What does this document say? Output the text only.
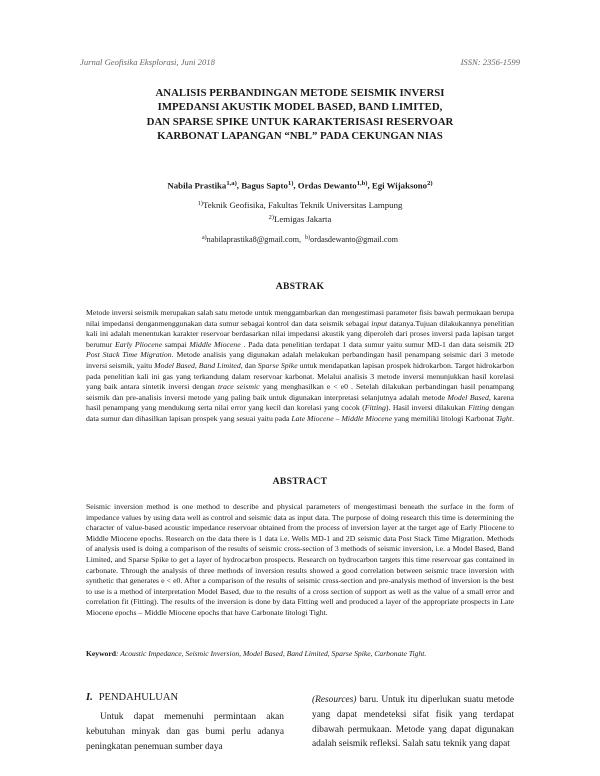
Jurnal Geofisika Eksplorasi, Juni 2018	ISSN: 2356-1599
ANALISIS PERBANDINGAN METODE SEISMIK INVERSI
IMPEDANSI AKUSTIK MODEL BASED, BAND LIMITED,
DAN SPARSE SPIKE UNTUK KARAKTERISASI RESERVOAR
KARBONAT LAPANGAN “NBL” PADA CEKUNGAN NIAS
Nabila Prastika$^{1,a)}$, Bagus Sapto$^{1)}$, Ordas Dewanto$^{1,b)}$, Egi Wijaksono$^{2)}$
$^{1)}$Teknik Geofisika, Fakultas Teknik Universitas Lampung
$^{2)}$Lemigas Jakarta
$^{a)}$nabilaprastika8@gmail.com, $^{b)}$ordasdewanto@gmail.com
ABSTRAK
Metode inversi seismik merupakan salah satu metode untuk menggambarkan dan mengestimasi parameter fisis bawah permukaan berupa nilai impedansi denganmenggunakan data sumur sebagai kontrol dan data seismik sebagai input datanya.Tujuan dilakukannya penelitian kali ini adalah menentukan karakter reservoar berdasarkan nilai impedansi akustik yang diperoleh dari proses inversi pada lapisan target berumur Early Pliocene sampai Middle Miocene . Pada data penelitian terdapat 1 data sumur yaitu sumur MD-1 dan data seismik 2D Post Stack Time Migration. Metode analisis yang digunakan adalah melakukan perbandingan hasil penampang seismic dari 3 metode inversi seismik, yaitu Model Based, Band Limited, dan Sparse Spike untuk mendapatkan lapisan prospek hidrokarbon. Target hidrokarbon pada penelitian kali ini gas yang terkandung dalam reservoar karbonat. Melalui analisis 3 metode inversi menunjukkan hasil korelasi yang baik antara sintetik inversi dengan trace seismic yang menghasilkan e < e0 . Setelah dilakukan perbandingan hasil penampang seismik dan pre-analisis inversi metode yang paling baik untuk digunakan interpretasi selanjutnya adalah metode Model Based, karena hasil penampang yang mendukung serta nilai error yang kecil dan korelasi yang cocok (Fitting). Hasil inversi dilakukan Fitting dengan data sumur dan dihasilkan lapisan prospek yang sesuai yaitu pada Late Miocene – Middle Miocene yang memiliki litologi Karbonat Tight.
ABSTRACT
Seismic inversion method is one method to describe and physical parameters of mengestimasi beneath the surface in the form of impedance values by using data well as control and seismic data as input data. The purpose of doing research this time is determining the character of value-based acoustic impedance reservoar obtained from the process of inversion layer at the target age of Early Pliocene to Middle Miocene epochs. Research on the data there is 1 data i.e. Wells MD-1 and 2D seismic data Post Stack Time Migration. Methods of analysis used is doing a comparison of the results of seismic cross-section of 3 methods of seismic inversion, i.e. a Model Based, Band Limited, and Sparse Spike to get a layer of hydrocarbon prospects. Research on hydrocarbon targets this time reservoar gas contained in carbonate. Through the analysis of three methods of inversion results showed a good correlation between seismic trace inversion with synthetic that generates e < e0. After a comparison of the results of seismic cross-section and pre-analysis method of inversion is the best to use is a method of interpretation Model Based, due to the results of a cross section of support as well as the value of a small error and correlation fit (Fitting). The results of the inversion is done by data Fitting well and produced a layer of the appropriate prospects in Late Miocene epochs – Middle Miocene epochs that have Carbonate litologi Tight.
Keyword: Acoustic Impedance, Seismic Inversion, Model Based, Band Limited, Sparse Spike, Carbonate Tight.
I. PENDAHULUAN
Untuk dapat memenuhi permintaan akan kebutuhan minyak dan gas bumi perlu adanya peningkatan penemuan sumber daya
(Resources) baru. Untuk itu diperlukan suatu metode yang dapat mendeteksi sifat fisik yang terdapat dibawah permukaan. Metode yang dapat digunakan adalah seismik refleksi. Salah satu teknik yang dapat
